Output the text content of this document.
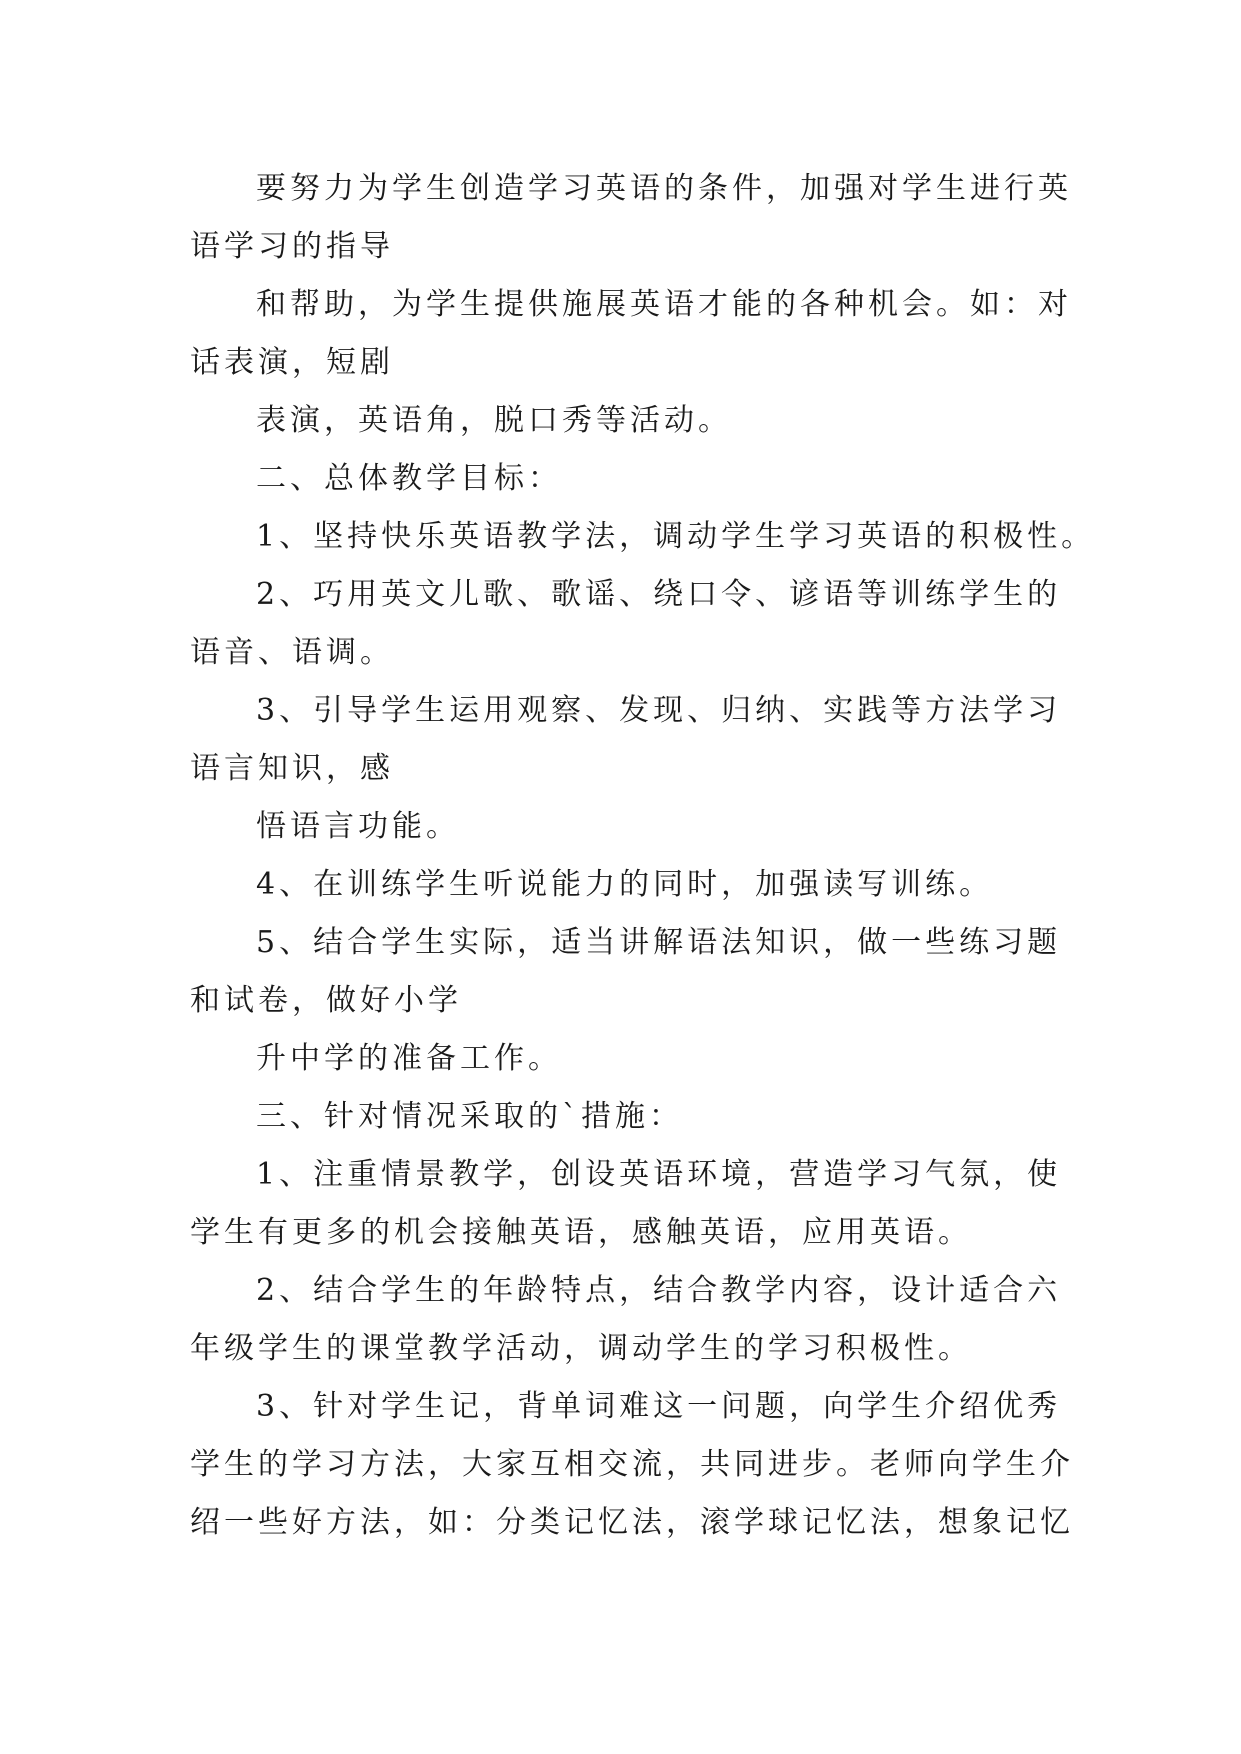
要努力为学生创造学习英语的条件，加强对学生进行英

语学习的指导

和帮助，为学生提供施展英语才能的各种机会。如：对

话表演，短剧

表演，英语角，脱口秀等活动。

二、总体教学目标：

1、坚持快乐英语教学法，调动学生学习英语的积极性。

2、巧用英文儿歌、歌谣、绕口令、谚语等训练学生的

语音、语调。

3、引导学生运用观察、发现、归纳、实践等方法学习

语言知识，感

悟语言功能。

4、在训练学生听说能力的同时，加强读写训练。

5、结合学生实际，适当讲解语法知识，做一些练习题

和试卷，做好小学

升中学的准备工作。

三、针对情况采取的`措施：

1、注重情景教学，创设英语环境，营造学习气氛，使

学生有更多的机会接触英语，感触英语，应用英语。

2、结合学生的年龄特点，结合教学内容，设计适合六

年级学生的课堂教学活动，调动学生的学习积极性。

3、针对学生记，背单词难这一问题，向学生介绍优秀

学生的学习方法，大家互相交流，共同进步。老师向学生介

绍一些好方法，如：分类记忆法，滚学球记忆法，想象记忆
